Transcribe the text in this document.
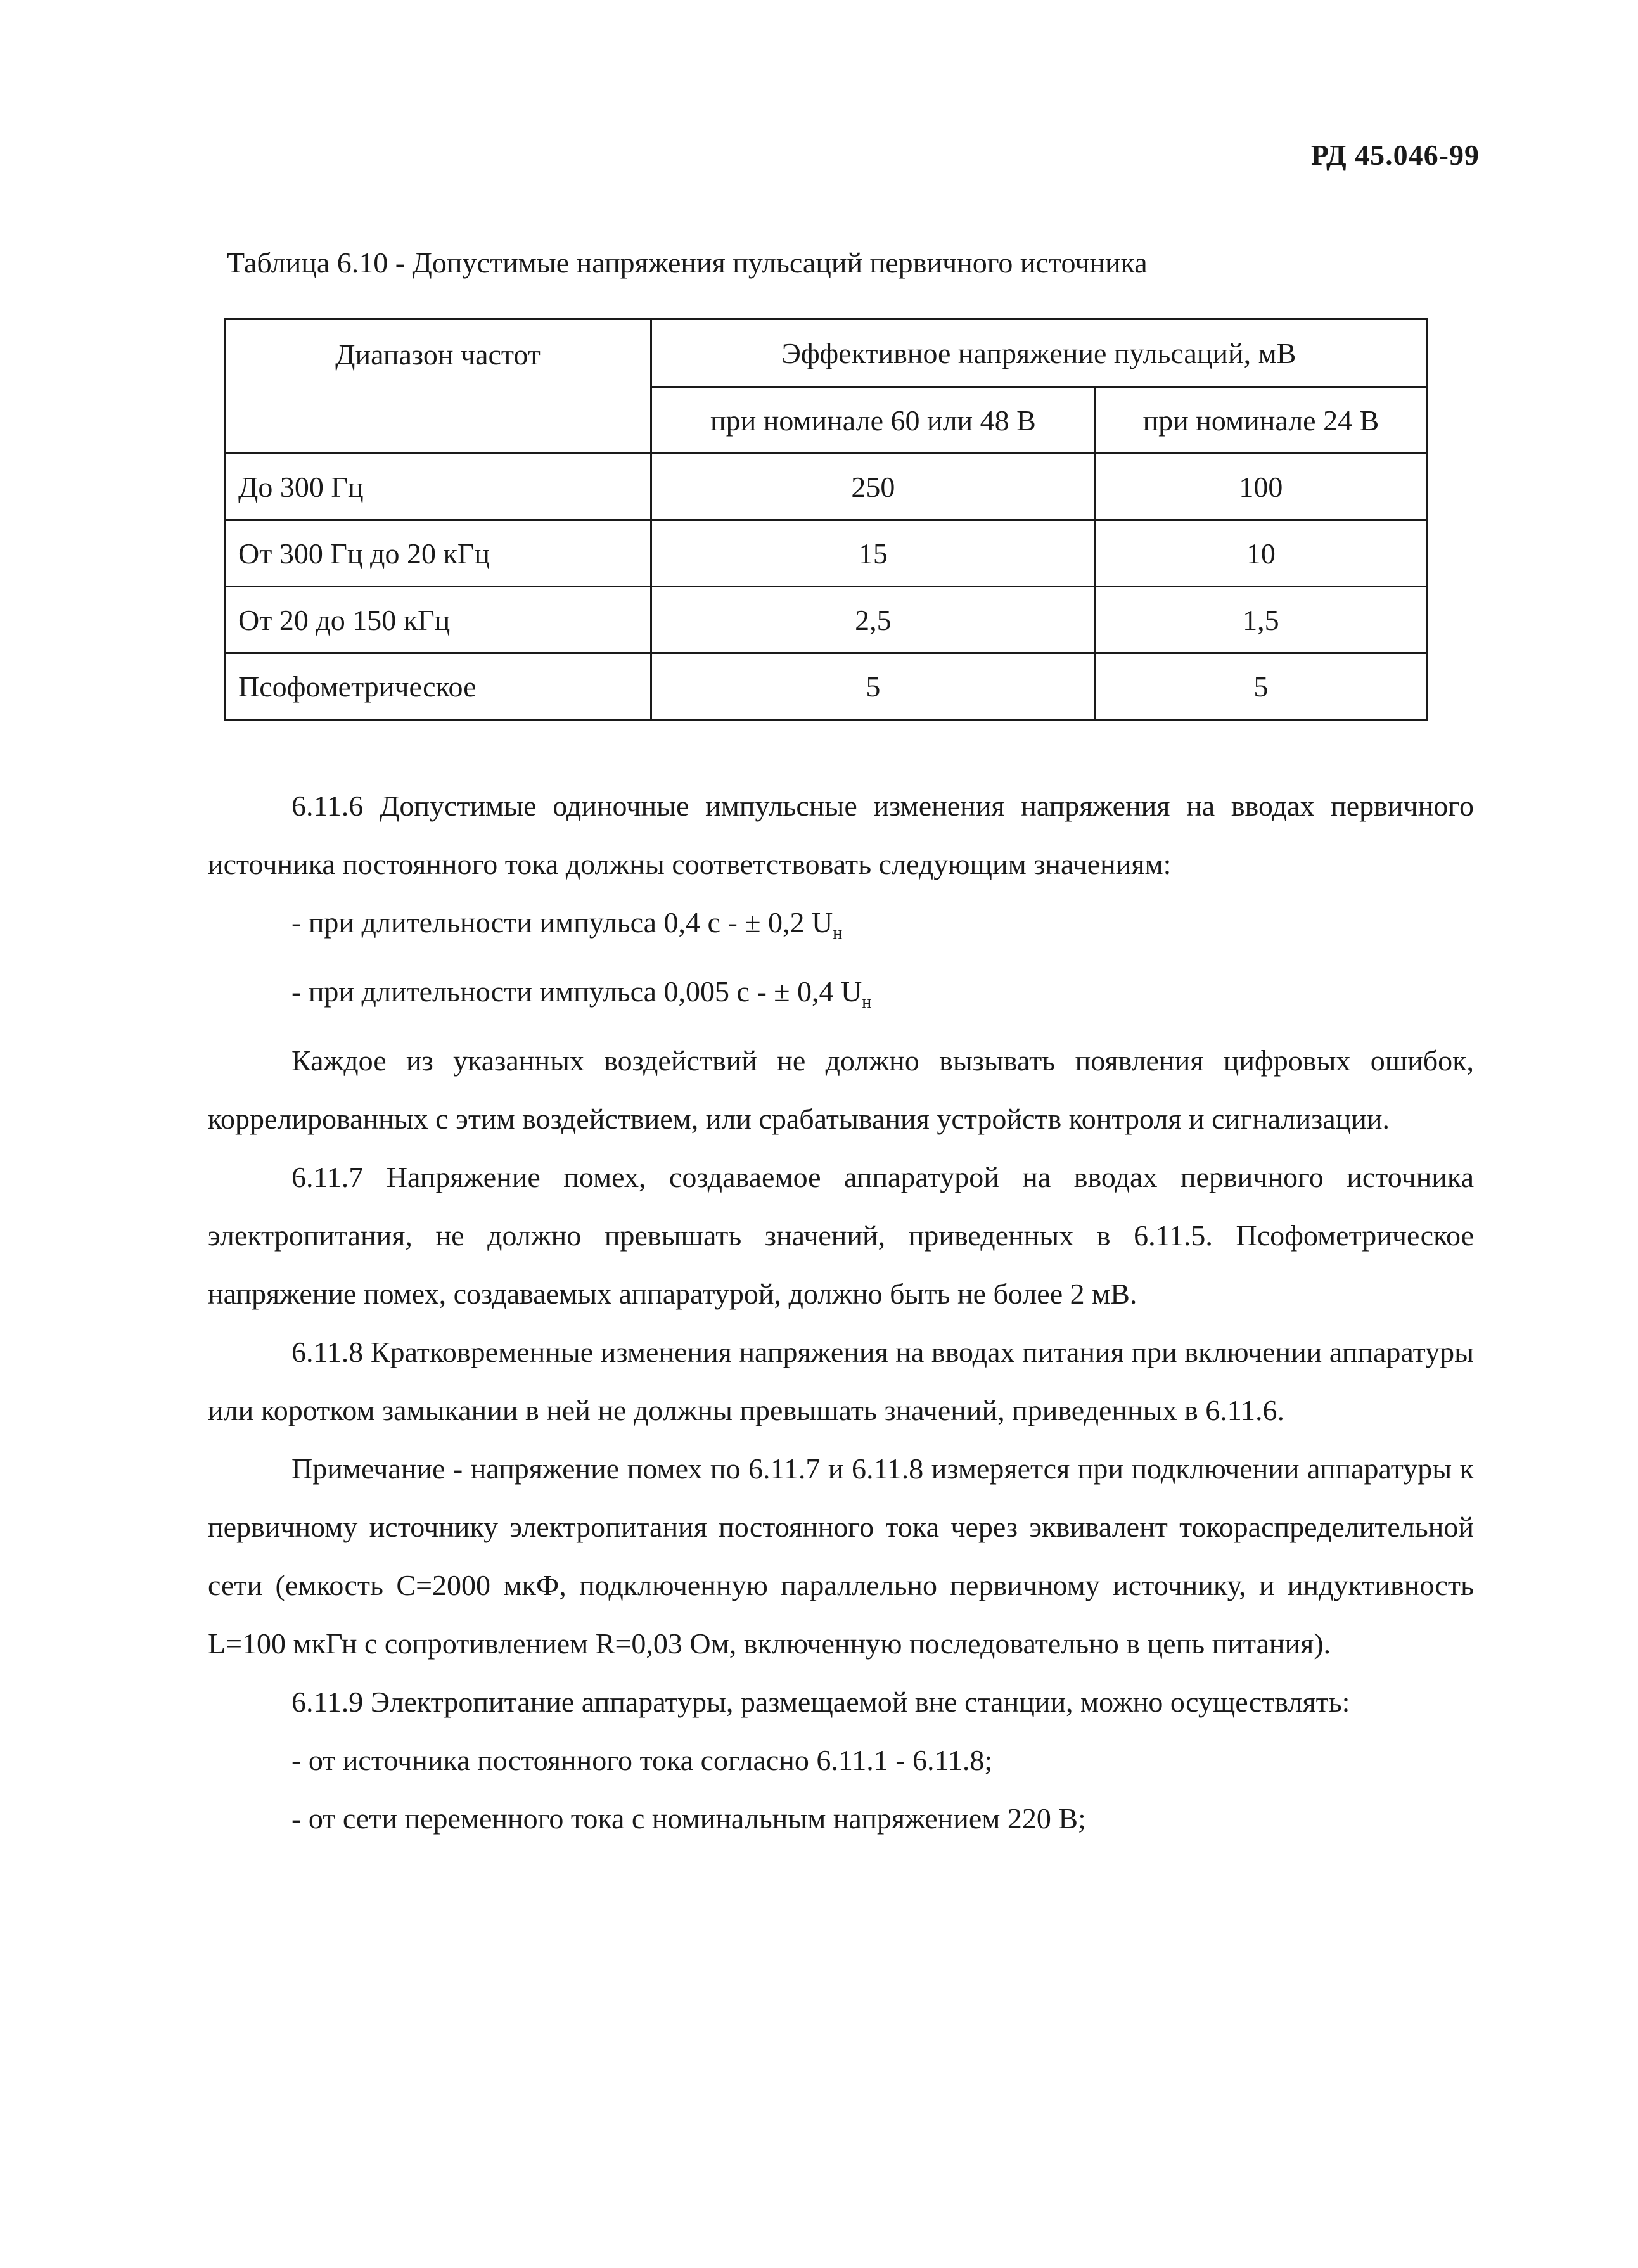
РД 45.046-99
Таблица 6.10 - Допустимые напряжения пульсаций первичного источника
Диапазон частот	Эффективное напряжение пульсаций, мВ	
	при номинале 60 или 48 В	при номинале 24 В
До 300 Гц	250	100
От 300 Гц до 20 кГц	15	10
От 20 до 150 кГц	2,5	1,5
Псофометрическое	5	5

6.11.6 Допустимые одиночные импульсные изменения напряжения на вводах первичного источника постоянного тока должны соответствовать следующим значениям:

- при длительности импульса 0,4 с - ± 0,2 $U_н$

- при длительности импульса 0,005 с - ± 0,4 $U_н$

Каждое из указанных воздействий не должно вызывать появления цифровых ошибок, коррелированных с этим воздействием, или срабатывания устройств контроля и сигнализации.

6.11.7 Напряжение помех, создаваемое аппаратурой на вводах первичного источника электропитания, не должно превышать значений, приведенных в 6.11.5. Псофометрическое напряжение помех, создаваемых аппаратурой, должно быть не более 2 мВ.

6.11.8 Кратковременные изменения напряжения на вводах питания при включении аппаратуры или коротком замыкании в ней не должны превышать значений, приведенных в 6.11.6.

Примечание - напряжение помех по 6.11.7 и 6.11.8 измеряется при подключении аппаратуры к первичному источнику электропитания постоянного тока через эквивалент токораспределительной сети (емкость С=2000 мкФ, подключенную параллельно первичному источнику, и индуктивность L=100 мкГн с сопротивлением R=0,03 Ом, включенную последовательно в цепь питания).

6.11.9 Электропитание аппаратуры, размещаемой вне станции, можно осуществлять:

- от источника постоянного тока согласно 6.11.1 - 6.11.8;

- от сети переменного тока с номинальным напряжением 220 В;
